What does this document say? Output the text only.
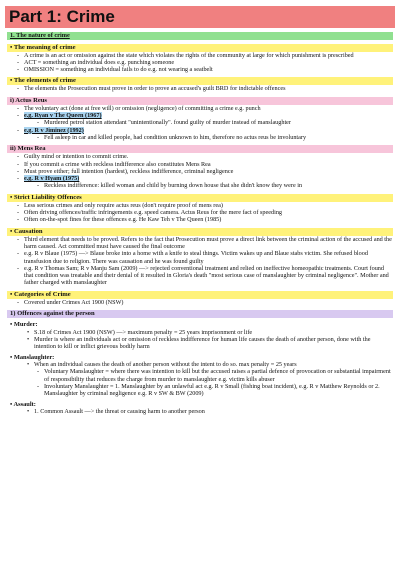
Part 1: Crime
1. The nature of crime
• The meaning of crime
- A crime is an act or omission against the state which violates the rights of the community at large for which punishment is prescribed
- ACT = something an individual does e.g. punching someone
- OMISSION = something an individual fails to do e.g. not wearing a seatbelt
• The elements of crime
- The elements the Prosecution must prove in order to prove an accused's guilt BRD for indictable offences
i) Actus Reus
- The voluntary act (done at free will) or omission (negligence) of committing a crime e.g. punch
- e.g. Ryan v The Queen (1967)
- Murdered petrol station attendant "unintentionally". found guilty of murder instead of manslaughter
- e.g. R v Jiminez (1992)
- Fell asleep in car and killed people, had condition unknown to him, therefore no actus reus be involuntary
ii) Mens Rea
- Guilty mind or intention to commit crime.
- If you commit a crime with reckless indifference also constitutes Mens Rea
- Must prove either; full intention (hardest), reckless indifference, criminal negligence
- e.g. R v Hyam (1975)
- Reckless indifference: killed woman and child by burning down house that she didn't know they were in
• Strict Liability Offences
- Less serious crimes and only require actus reus (don't require proof of mens rea)
- Often driving offences/traffic infringements e.g. speed camera. Actus Reus for the mere fact of speeding
- Often on-the-spot fines for these offences e.g. He Kaw Teh v The Queen (1985)
• Causation
- Third element that needs to be proved. Refers to the fact that Prosecution must prove a direct link between the criminal action of the accused and the harm caused. Act committed must have caused the final outcome
- e.g. R v Blaue (1975) —> Blaue broke into a home with a knife to steal things. Victim wakes up and Blaue stabs victim. She refused blood transfusion due to religion. There was causation and he was found guilty
- e.g. R v Thomas Sam; R v Manju Sam (2009) —> rejected conventional treatment and relied on ineffective homeopathic treatments. Court found that condition was treatable and their denial of it resulted in Gloria's death "most serious case of manslaughter by criminal negligence". Mother and father charged with manslaughter
• Categories of Crime
- Covered under Crimes Act 1900 (NSW)
1) Offences against the person
• Murder:
• S.18 of Crimes Act 1900 (NSW) —> maximum penalty = 25 years imprisonment or life
• Murder is where an individuals act or omission of reckless indifference for human life causes the death of another person, done with the intention to kill or inflict grievous bodily harm
• Manslaughter:
• When an individual causes the death of another person without the intent to do so. max penalty = 25 years
- Voluntary Manslaughter = where there was intention to kill but the accused raises a partial defence of provocation or substantial impairment of responsibility that reduces the charge from murder to manslaughter e.g. victim kills abuser
- Involuntary Manslaughter = 1. Manslaughter by an unlawful act e.g. R v Small (fishing boat incident), e.g. R v Matthew Reynolds or 2. Manslaughter by criminal negligence e.g. R v SW & BW (2009)
• Assault:
• 1. Common Assault —> the threat or causing harm to another person
